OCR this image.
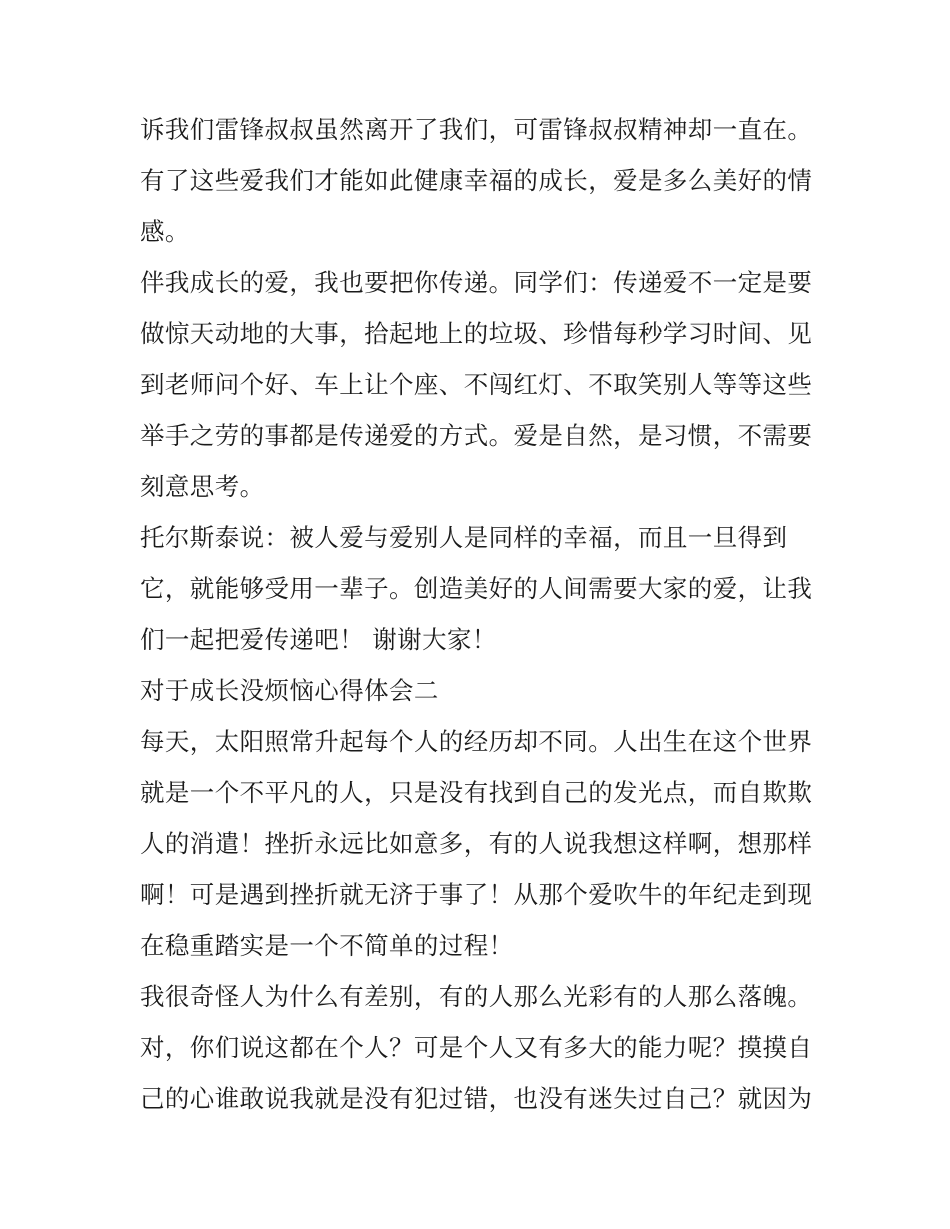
诉我们雷锋叔叔虽然离开了我们，可雷锋叔叔精神却一直在。
有了这些爱我们才能如此健康幸福的成长，爱是多么美好的情
感。
伴我成长的爱，我也要把你传递。同学们：传递爱不一定是要
做惊天动地的大事，拾起地上的垃圾、珍惜每秒学习时间、见
到老师问个好、车上让个座、不闯红灯、不取笑别人等等这些
举手之劳的事都是传递爱的方式。爱是自然，是习惯，不需要
刻意思考。
托尔斯泰说：被人爱与爱别人是同样的幸福，而且一旦得到
它，就能够受用一辈子。创造美好的人间需要大家的爱，让我
们一起把爱传递吧！ 谢谢大家！
对于成长没烦恼心得体会二
每天，太阳照常升起每个人的经历却不同。人出生在这个世界
就是一个不平凡的人，只是没有找到自己的发光点，而自欺欺
人的消遣！挫折永远比如意多，有的人说我想这样啊，想那样
啊！可是遇到挫折就无济于事了！从那个爱吹牛的年纪走到现
在稳重踏实是一个不简单的过程！
我很奇怪人为什么有差别，有的人那么光彩有的人那么落魄。
对，你们说这都在个人？可是个人又有多大的能力呢？摸摸自
己的心谁敢说我就是没有犯过错，也没有迷失过自己？就因为
